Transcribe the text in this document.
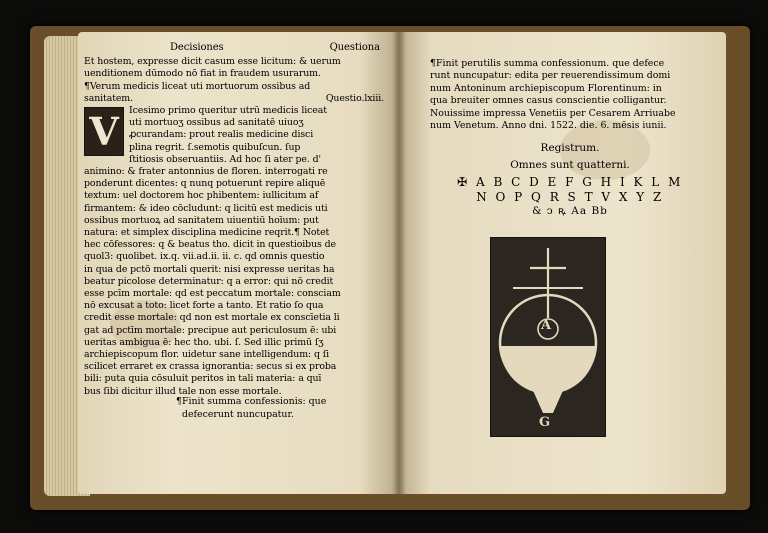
Decisiones	Questiona
Et hostem, expresse dicit casum esse licitum: & uerum
uenditionem dūmodo nō fiat in fraudem usurarum.
¶Verum medicis liceat uti mortuorum ossibus ad
sanitatem.	Questio.lxiii.
V	Icesimo primo queritur utrū medicis liceat
uti mortuoʒ ossibus ad sanitatē uiuoʒ
ꝓcurandam: prout realis medicine disci
plina regrit. ſ.semotis quibuſcun. ſup
ſtitiosis obseruantiis. Ad hoc ſi ater pe. d'
animino: & frater antonnius de floren. interrogati re
ponderunt dicentes: q nunq potuerunt repire aliquē
textum: uel doctorem hoc phibentem: iullicitum af
firmantem: & ideo cōcludunt: q licitū est medicis uti
ossibus mortuoꝝ ad sanitatem uiuentiū hoīum: put
natura: et simplex disciplina medicine reqrit.¶ Notet
hec cōfessores: q & beatus tho. dicit in questioibus de
quol3: quolibet. ix.q. vii.ad.ii. ii. c. qd omnis questio
in qua de pctō mortali querit: nisi expresse ueritas ha
beatur picolose determinatur: q a error: qui nō credit
esse pcīm mortale: qd est peccatum mortale: consciam
nō excusat a toto: licet forte a tanto. Et ratio ſo qua
credit esse mortale: qd non est mortale ex conscīetia li
gat ad pctīm mortale: precipue aut periculosum ē: ubi
ueritas ambigua ē: hec tho. ubi. ſ. Sed illic primū ſʒ
archiepiscopum flor. uidetur sane intelligendum: q ſi
scilicet erraret ex crassa ignorantia: secus si ex proba
bili: puta quia cōsuluit peritos in tali materia: a quī
bus ſibi dicitur illud tale non esse mortale.
¶Finit summa confessionis: que
defecerunt nuncupatur.
¶Finit perutilis summa confessionum. que defece
runt nuncupatur: edita per reuerendissimum domi
num Antoninum archiepiscopum Florentinum: in
qua breuiter omnes casus conscientie colligantur.
Nouissime impressa Venetiis per Cesarem Arriuabe
num Venetum. Anno dni. 1522. die. 6. mēsis iunii.
Registrum.
Omnes sunt quatterni.
✠ A B C D E F G H I K L M
N O P Q R S T V X Y Z
& ↄ ꝶ Aa Bb
A
G
